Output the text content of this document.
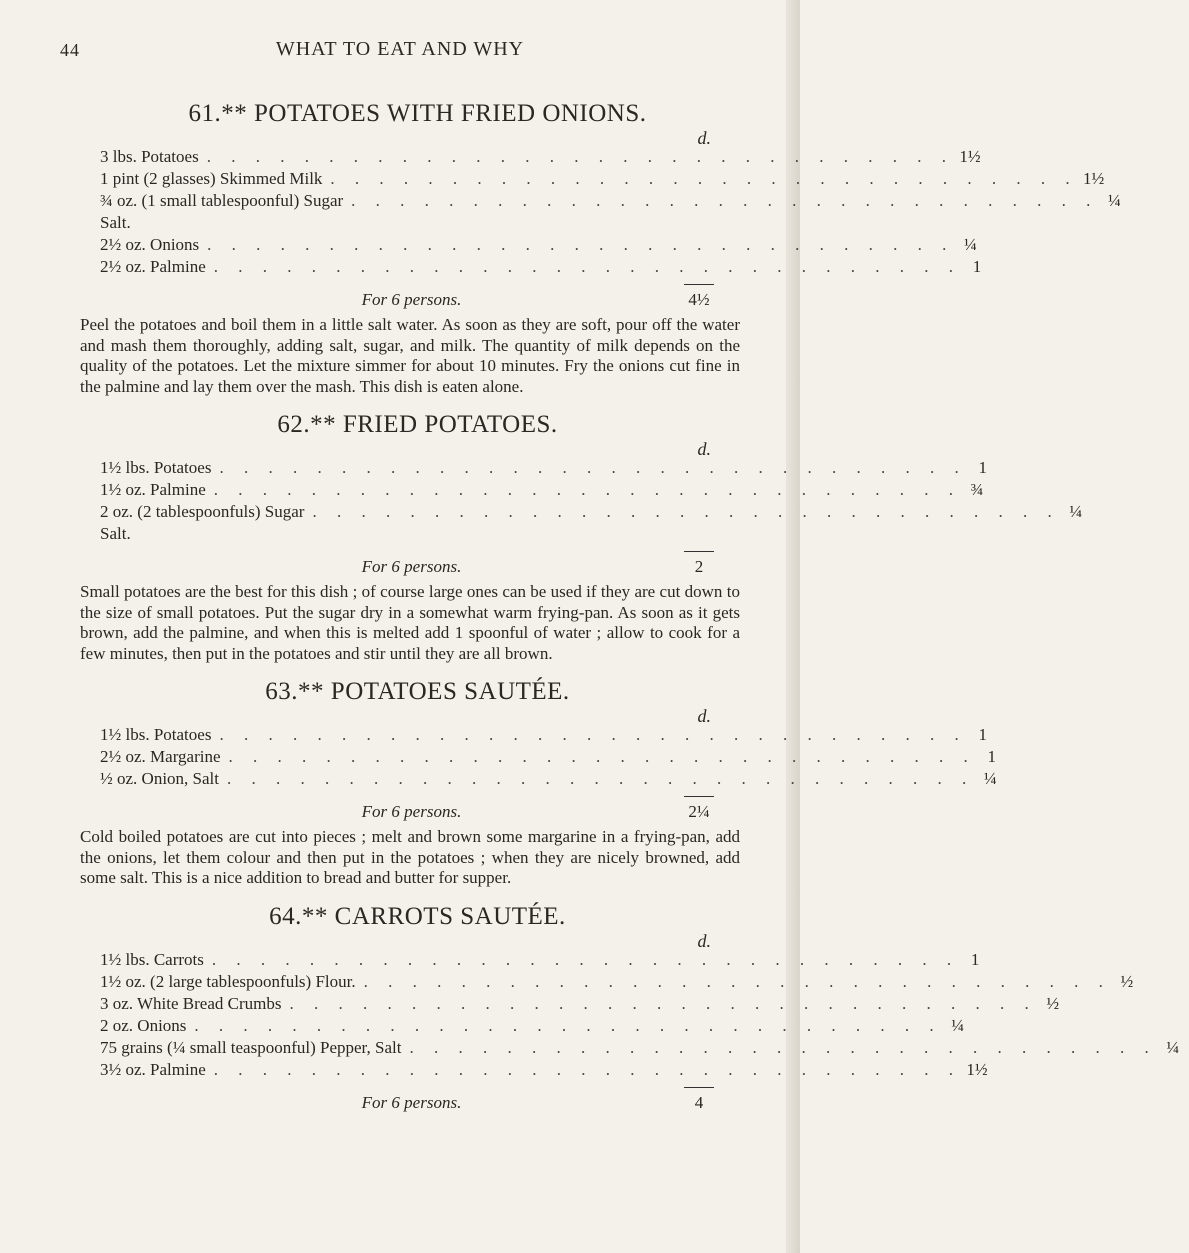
44	WHAT TO EAT AND WHY
61.** POTATOES WITH FRIED ONIONS.
d.
3 lbs. Potatoes . . . . . . . . . . . . . . . . . . . . . . . . . . . . . . . 1½
1 pint (2 glasses) Skimmed Milk . . . . . . . . . . . . . . . . . . . . . . . . . . . . . . . 1½
¾ oz. (1 small tablespoonful) Sugar . . . . . . . . . . . . . . . . . . . . . . . . . . . . . . . ¼
Salt.
2½ oz. Onions . . . . . . . . . . . . . . . . . . . . . . . . . . . . . . . ¼
2½ oz. Palmine . . . . . . . . . . . . . . . . . . . . . . . . . . . . . . . 1
For 6 persons.	4½

Peel the potatoes and boil them in a little salt water. As soon as they are soft, pour off the water and mash them thoroughly, adding salt, sugar, and milk. The quantity of milk depends on the quality of the potatoes. Let the mixture simmer for about 10 minutes. Fry the onions cut fine in the palmine and lay them over the mash. This dish is eaten alone.

62.** FRIED POTATOES.
d.
1½ lbs. Potatoes . . . . . . . . . . . . . . . . . . . . . . . . . . . . . . . 1
1½ oz. Palmine . . . . . . . . . . . . . . . . . . . . . . . . . . . . . . . ¾
2 oz. (2 tablespoonfuls) Sugar . . . . . . . . . . . . . . . . . . . . . . . . . . . . . . . ¼
Salt.
For 6 persons.	2

Small potatoes are the best for this dish ; of course large ones can be used if they are cut down to the size of small potatoes. Put the sugar dry in a somewhat warm frying-pan. As soon as it gets brown, add the palmine, and when this is melted add 1 spoonful of water ; allow to cook for a few minutes, then put in the potatoes and stir until they are all brown.

63.** POTATOES SAUTÉE.
d.
1½ lbs. Potatoes . . . . . . . . . . . . . . . . . . . . . . . . . . . . . . . 1
2½ oz. Margarine . . . . . . . . . . . . . . . . . . . . . . . . . . . . . . . 1
½ oz. Onion, Salt . . . . . . . . . . . . . . . . . . . . . . . . . . . . . . . ¼
For 6 persons.	2¼

Cold boiled potatoes are cut into pieces ; melt and brown some margarine in a frying-pan, add the onions, let them colour and then put in the potatoes ; when they are nicely browned, add some salt. This is a nice addition to bread and butter for supper.

64.** CARROTS SAUTÉE.
d.
1½ lbs. Carrots . . . . . . . . . . . . . . . . . . . . . . . . . . . . . . . 1
1½ oz. (2 large tablespoonfuls) Flour. . . . . . . . . . . . . . . . . . . . . . . . . . . . . . . . ½
3 oz. White Bread Crumbs . . . . . . . . . . . . . . . . . . . . . . . . . . . . . . . ½
2 oz. Onions . . . . . . . . . . . . . . . . . . . . . . . . . . . . . . . ¼
75 grains (¼ small teaspoonful) Pepper, Salt . . . . . . . . . . . . . . . . . . . . . . . . . . . . . . . ¼
3½ oz. Palmine . . . . . . . . . . . . . . . . . . . . . . . . . . . . . . . 1½
For 6 persons.	4
